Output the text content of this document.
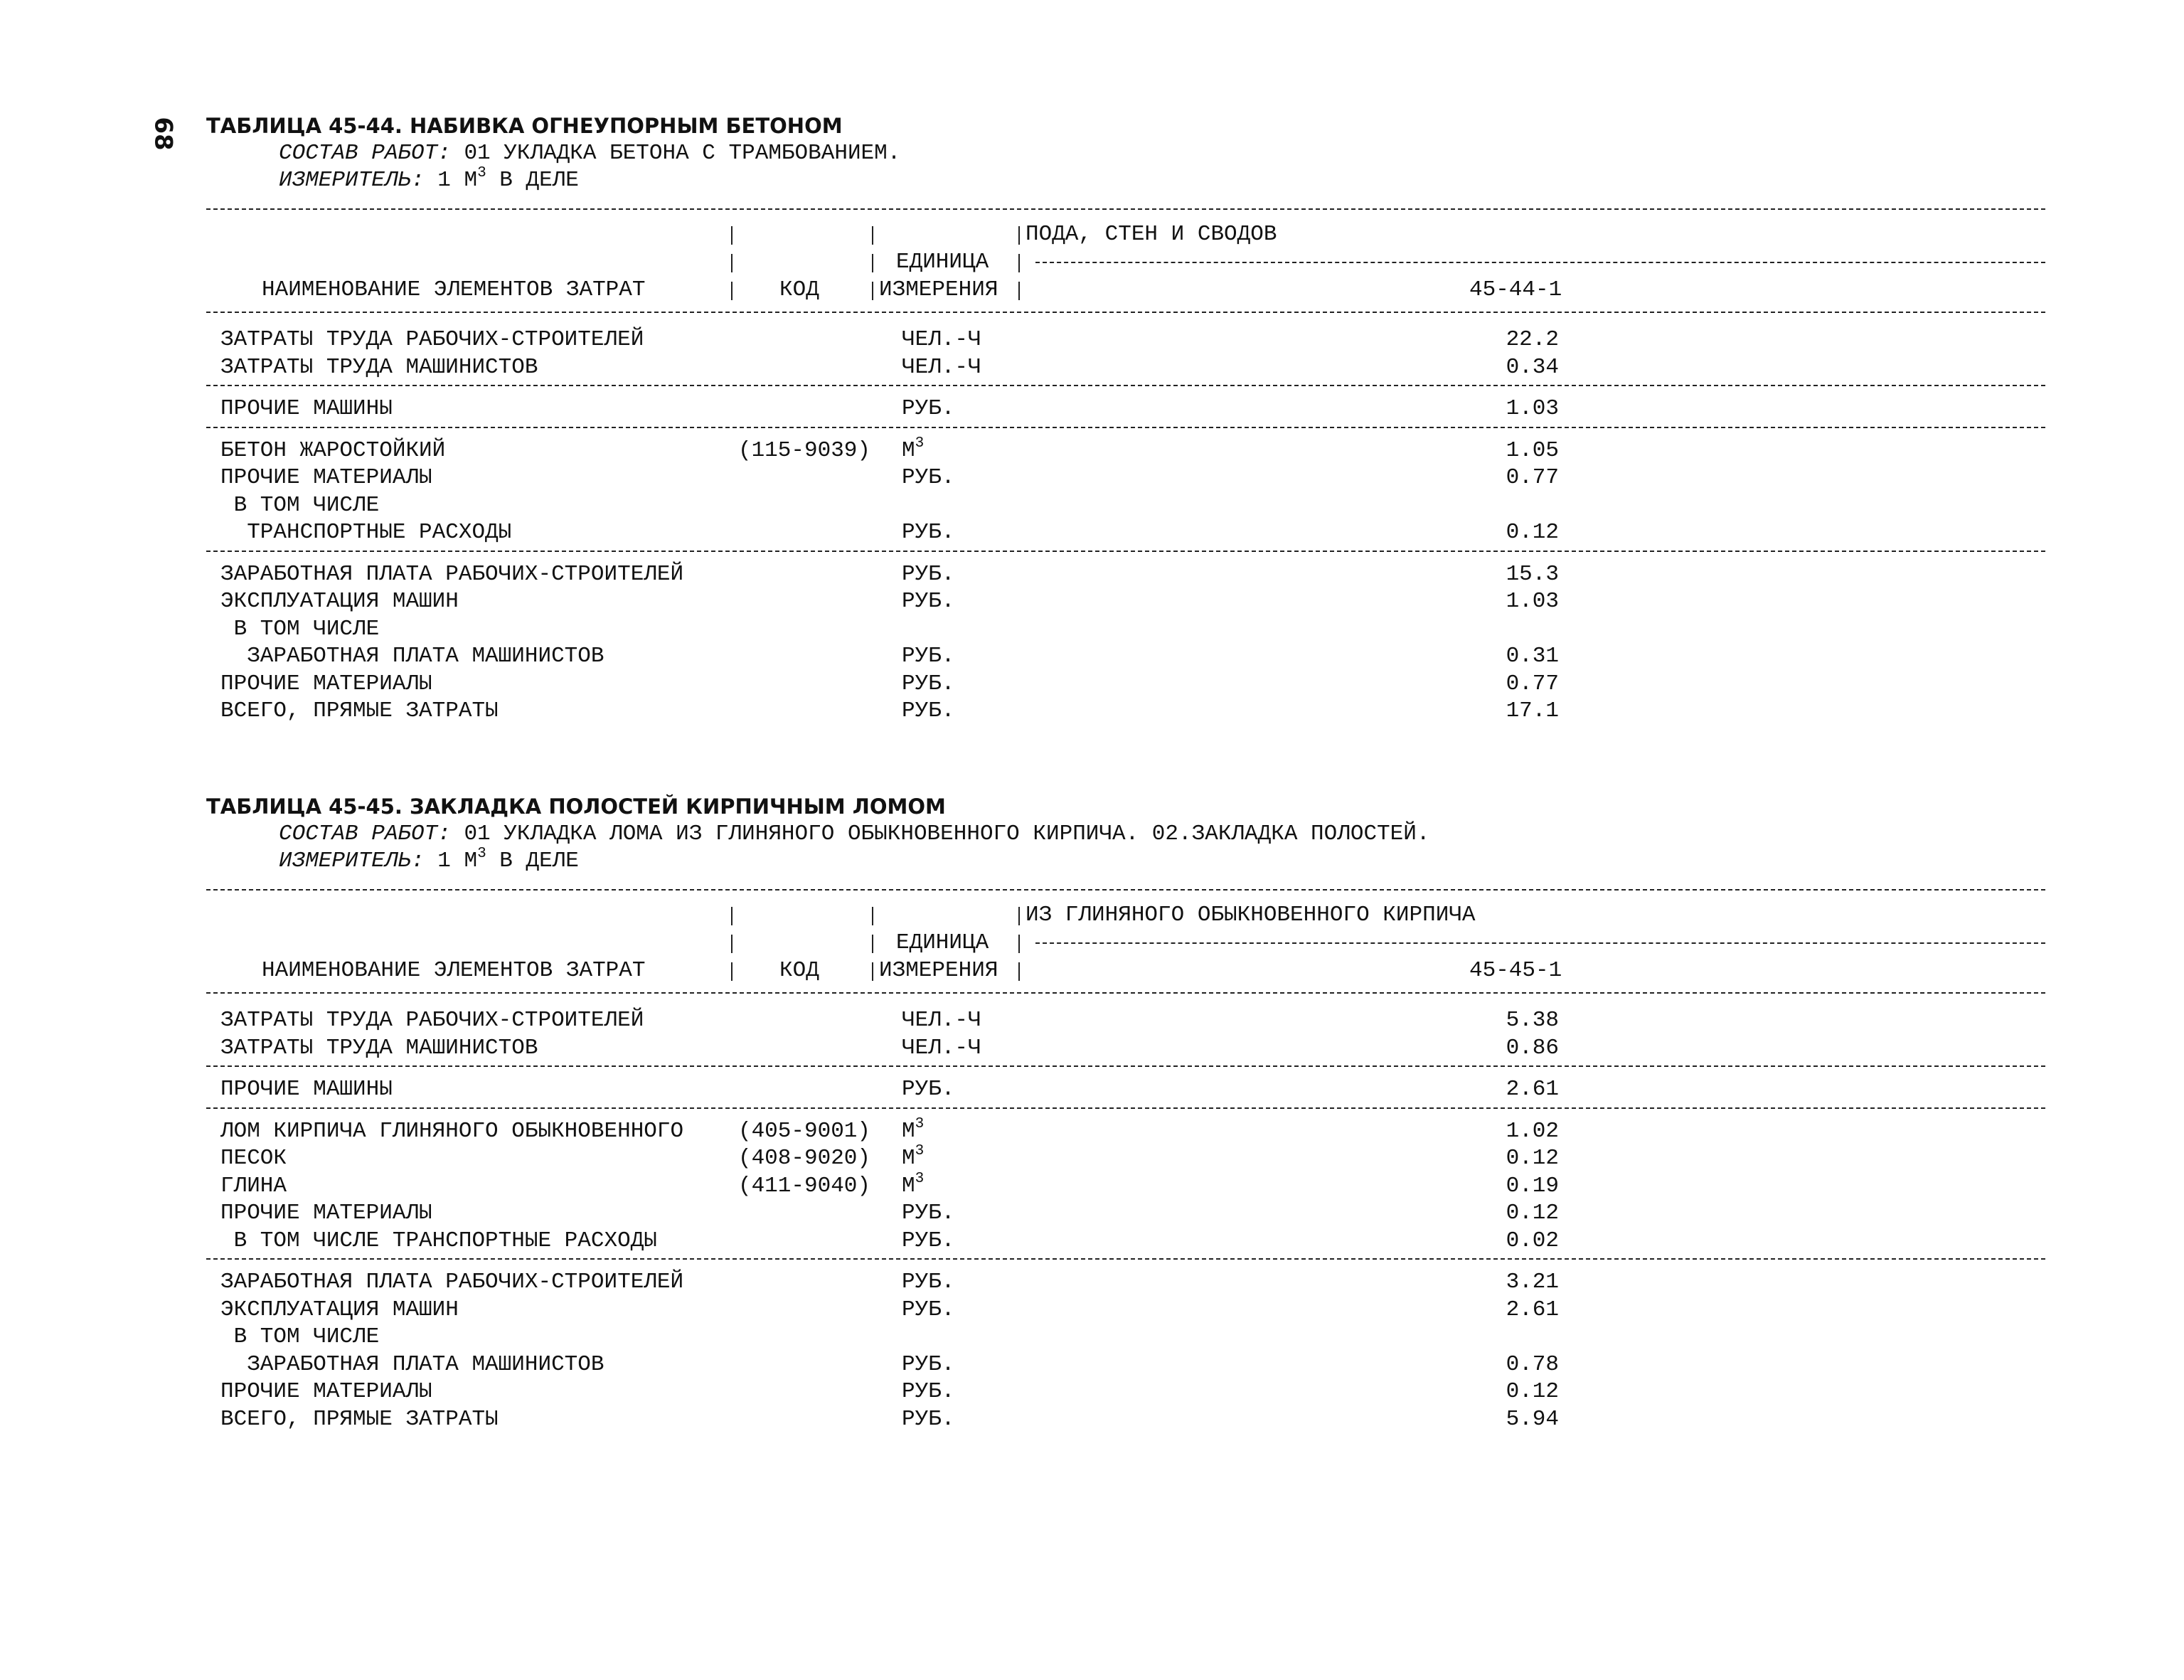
68 ТАБЛИЦА 45-44. НАБИВКА ОГНЕУПОРНЫМ БЕТОНОМ
СОСТАВ РАБОТ: 01 УКЛАДКА БЕТОНА С ТРАМБОВАНИЕМ.
ИЗМЕРИТЕЛЬ: 1 $М^3$ В ДЕЛЕ
ПОДА, СТЕН И СВОДОВ
ЕДИНИЦА
НАИМЕНОВАНИЕ ЭЛЕМЕНТОВ ЗАТРАТ	КОД	ИЗМЕРЕНИЯ	45-44-1
ЗАТРАТЫ ТРУДА РАБОЧИХ-СТРОИТЕЛЕЙ	ЧЕЛ.-Ч	22.2
ЗАТРАТЫ ТРУДА МАШИНИСТОВ	ЧЕЛ.-Ч	0.34
ПРОЧИЕ МАШИНЫ	РУБ.	1.03
БЕТОН ЖАРОСТОЙКИЙ	(115-9039) $М^3$	1.05
ПРОЧИЕ МАТЕРИАЛЫ	РУБ.	0.77
В ТОМ ЧИСЛЕ
ТРАНСПОРТНЫЕ РАСХОДЫ	РУБ.	0.12
ЗАРАБОТНАЯ ПЛАТА РАБОЧИХ-СТРОИТЕЛЕЙ	РУБ.	15.3
ЭКСПЛУАТАЦИЯ МАШИН	РУБ.	1.03
В ТОМ ЧИСЛЕ
ЗАРАБОТНАЯ ПЛАТА МАШИНИСТОВ	РУБ.	0.31
ПРОЧИЕ МАТЕРИАЛЫ	РУБ.	0.77
ВСЕГО, ПРЯМЫЕ ЗАТРАТЫ	РУБ.	17.1
ТАБЛИЦА 45-45. ЗАКЛАДКА ПОЛОСТЕЙ КИРПИЧНЫМ ЛОМОМ
СОСТАВ РАБОТ: 01 УКЛАДКА ЛОМА ИЗ ГЛИНЯНОГО ОБЫКНОВЕННОГО КИРПИЧА. 02.ЗАКЛАДКА ПОЛОСТЕЙ.
ИЗМЕРИТЕЛЬ: 1 $М^3$ В ДЕЛЕ
ИЗ ГЛИНЯНОГО ОБЫКНОВЕННОГО КИРПИЧА
ЕДИНИЦА
НАИМЕНОВАНИЕ ЭЛЕМЕНТОВ ЗАТРАТ	КОД	ИЗМЕРЕНИЯ	45-45-1
ЗАТРАТЫ ТРУДА РАБОЧИХ-СТРОИТЕЛЕЙ	ЧЕЛ.-Ч	5.38
ЗАТРАТЫ ТРУДА МАШИНИСТОВ	ЧЕЛ.-Ч	0.86
ПРОЧИЕ МАШИНЫ	РУБ.	2.61
ЛОМ КИРПИЧА ГЛИНЯНОГО ОБЫКНОВЕННОГО (405-9001) $М^3$	1.02
ПЕСОК	(408-9020) $М^3$	0.12
ГЛИНА	(411-9040) $М^3$	0.19
ПРОЧИЕ МАТЕРИАЛЫ	РУБ.	0.12
В ТОМ ЧИСЛЕ ТРАНСПОРТНЫЕ РАСХОДЫ	РУБ.	0.02
ЗАРАБОТНАЯ ПЛАТА РАБОЧИХ-СТРОИТЕЛЕЙ	РУБ.	3.21
ЭКСПЛУАТАЦИЯ МАШИН	РУБ.	2.61
В ТОМ ЧИСЛЕ
ЗАРАБОТНАЯ ПЛАТА МАШИНИСТОВ	РУБ.	0.78
ПРОЧИЕ МАТЕРИАЛЫ	РУБ.	0.12
ВСЕГО, ПРЯМЫЕ ЗАТРАТЫ	РУБ.	5.94
